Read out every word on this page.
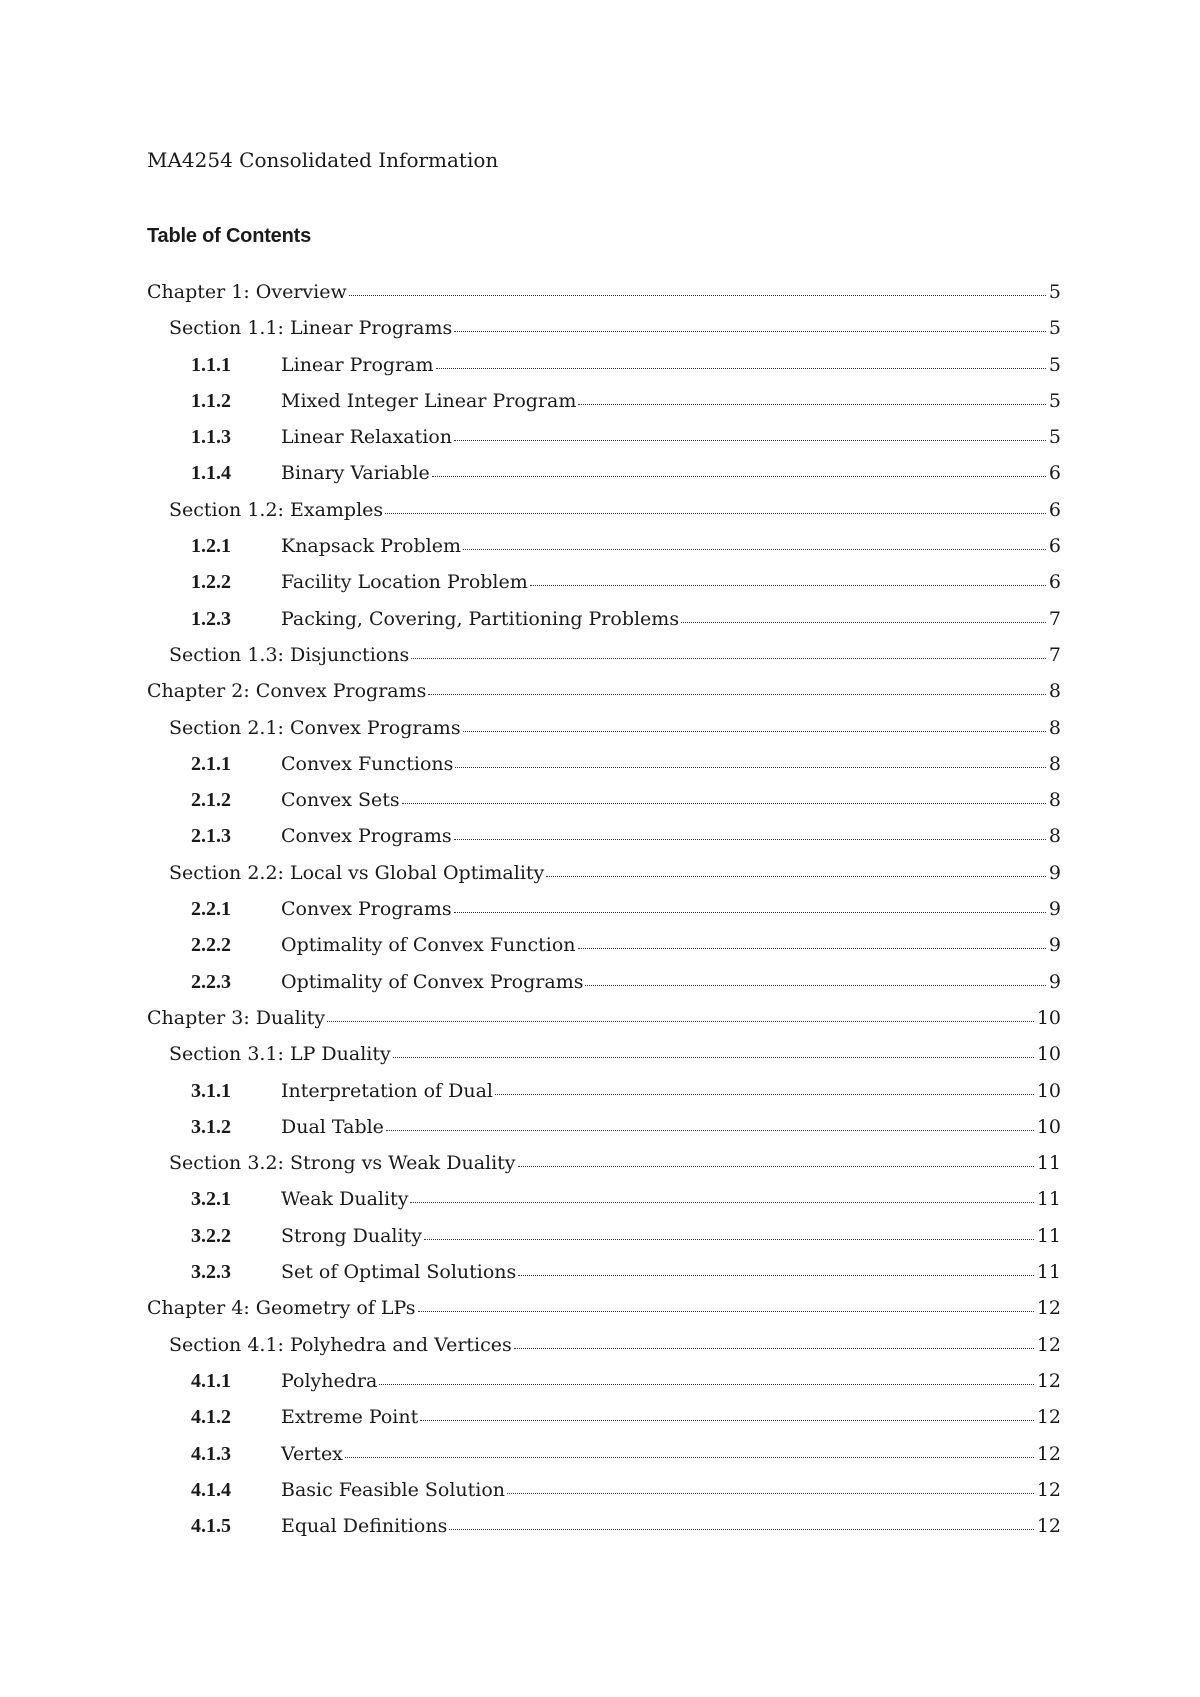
MA4254 Consolidated Information
Table of Contents
Chapter 1: Overview	5
Section 1.1: Linear Programs	5
1.1.1	Linear Program	5
1.1.2	Mixed Integer Linear Program	5
1.1.3	Linear Relaxation	5
1.1.4	Binary Variable	6
Section 1.2: Examples	6
1.2.1	Knapsack Problem	6
1.2.2	Facility Location Problem	6
1.2.3	Packing, Covering, Partitioning Problems	7
Section 1.3: Disjunctions	7
Chapter 2: Convex Programs	8
Section 2.1: Convex Programs	8
2.1.1	Convex Functions	8
2.1.2	Convex Sets	8
2.1.3	Convex Programs	8
Section 2.2: Local vs Global Optimality	9
2.2.1	Convex Programs	9
2.2.2	Optimality of Convex Function	9
2.2.3	Optimality of Convex Programs	9
Chapter 3: Duality	10
Section 3.1: LP Duality	10
3.1.1	Interpretation of Dual	10
3.1.2	Dual Table	10
Section 3.2: Strong vs Weak Duality	11
3.2.1	Weak Duality	11
3.2.2	Strong Duality	11
3.2.3	Set of Optimal Solutions	11
Chapter 4: Geometry of LPs	12
Section 4.1: Polyhedra and Vertices	12
4.1.1	Polyhedra	12
4.1.2	Extreme Point	12
4.1.3	Vertex	12
4.1.4	Basic Feasible Solution	12
4.1.5	Equal Definitions	12
